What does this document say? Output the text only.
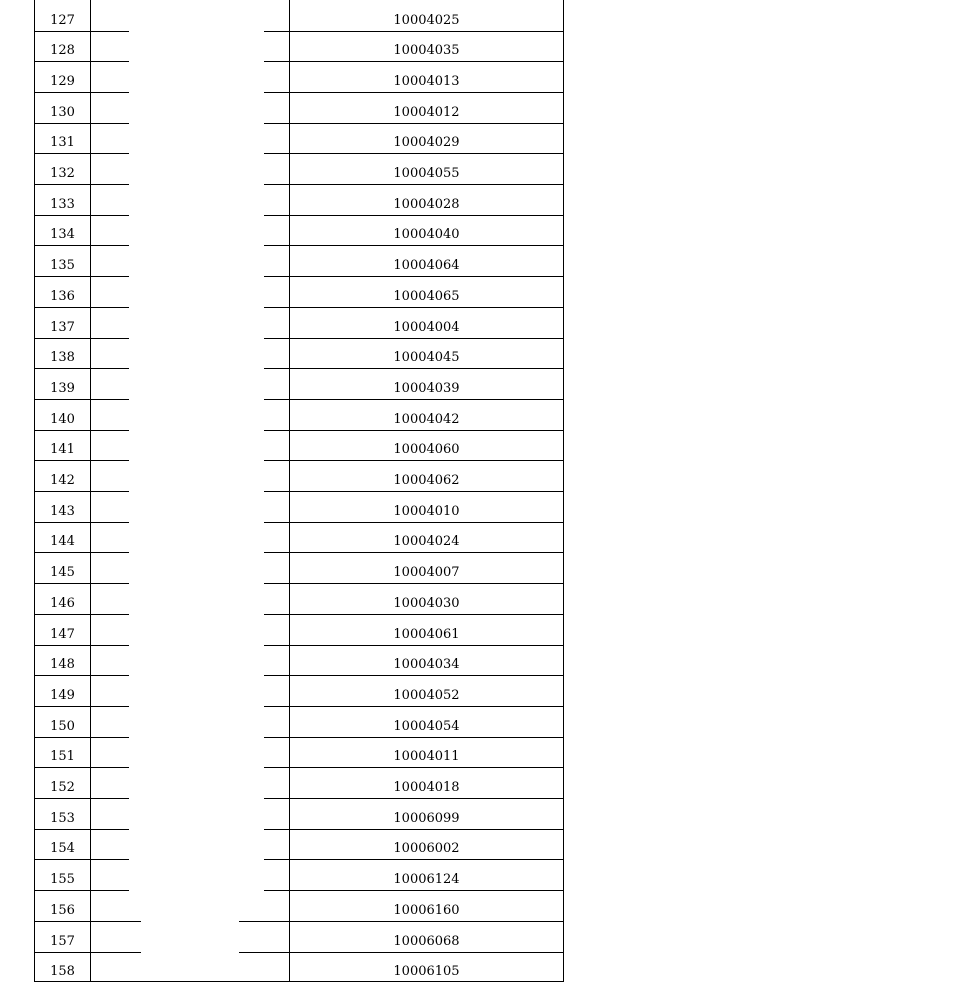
127	10004025
128	10004035
129	10004013
130	10004012
131	10004029
132	10004055
133	10004028
134	10004040
135	10004064
136	10004065
137	10004004
138	10004045
139	10004039
140	10004042
141	10004060
142	10004062
143	10004010
144	10004024
145	10004007
146	10004030
147	10004061
148	10004034
149	10004052
150	10004054
151	10004011
152	10004018
153	10006099
154	10006002
155	10006124
156	10006160
157	10006068
158	10006105
